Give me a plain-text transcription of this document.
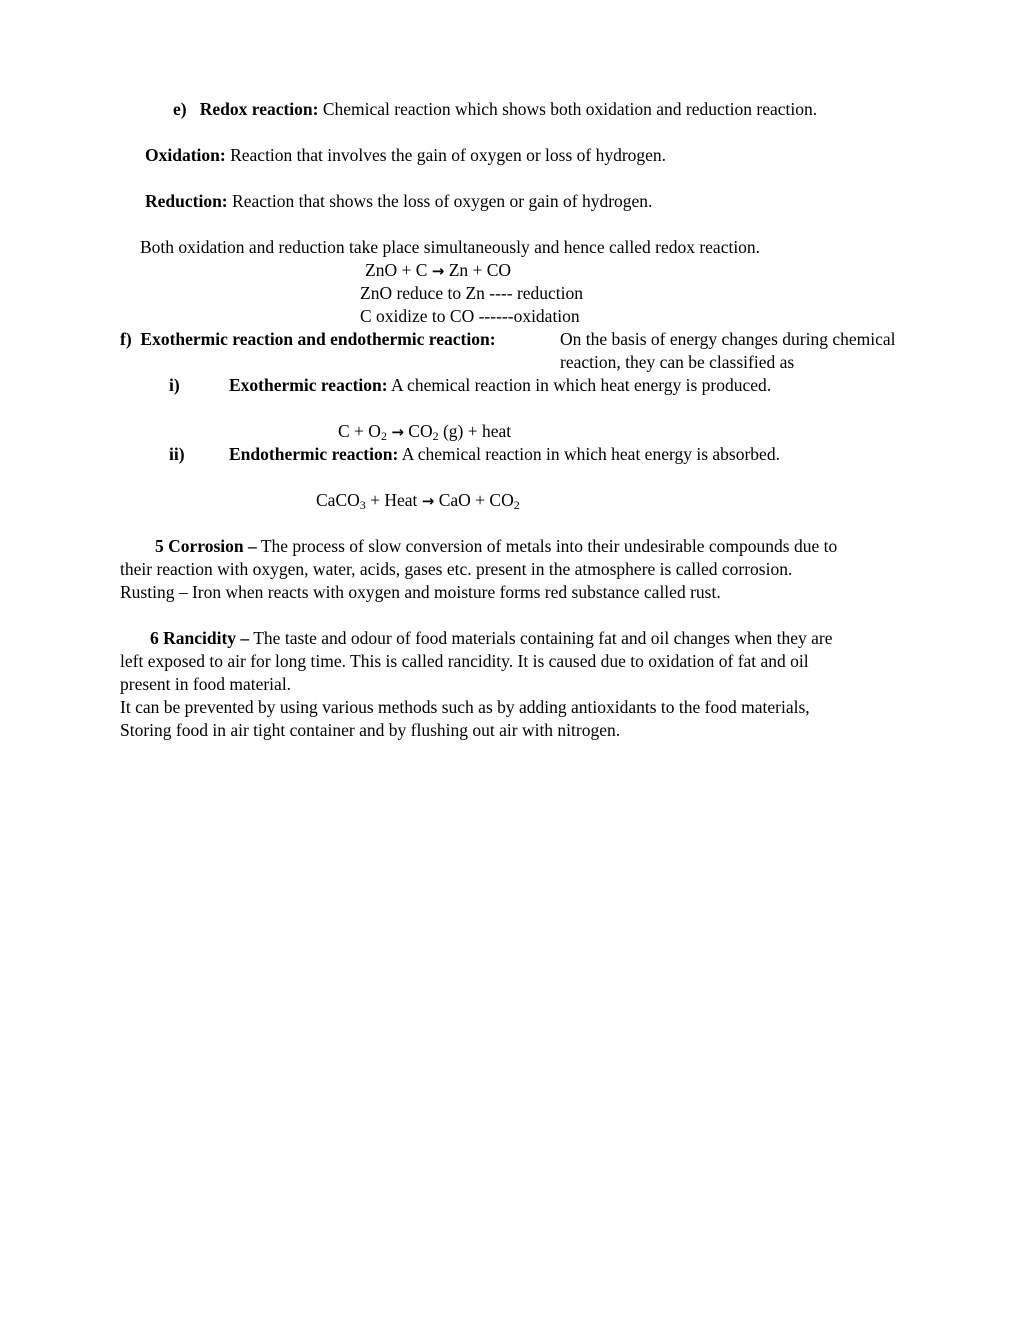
e) Redox reaction: Chemical reaction which shows both oxidation and reduction reaction.
Oxidation: Reaction that involves the gain of oxygen or loss of hydrogen.
Reduction: Reaction that shows the loss of oxygen or gain of hydrogen.
Both oxidation and reduction take place simultaneously and hence called redox reaction.
ZnO + C → Zn + CO
ZnO reduce to Zn ---- reduction
C oxidize to CO ------oxidation
f) Exothermic reaction and endothermic reaction:	On the basis of energy changes during chemical
reaction, they can be classified as
i)	Exothermic reaction: A chemical reaction in which heat energy is produced.
$C + O_2 \to CO_2$ (g) + heat
ii)	Endothermic reaction: A chemical reaction in which heat energy is absorbed.
CaCO$_3$ + Heat → CaO + $CO_2$
5 Corrosion – The process of slow conversion of metals into their undesirable compounds due to
their reaction with oxygen, water, acids, gases etc. present in the atmosphere is called corrosion.
Rusting – Iron when reacts with oxygen and moisture forms red substance called rust.
6 Rancidity – The taste and odour of food materials containing fat and oil changes when they are
left exposed to air for long time. This is called rancidity. It is caused due to oxidation of fat and oil
present in food material.
It can be prevented by using various methods such as by adding antioxidants to the food materials,
Storing food in air tight container and by flushing out air with nitrogen.
